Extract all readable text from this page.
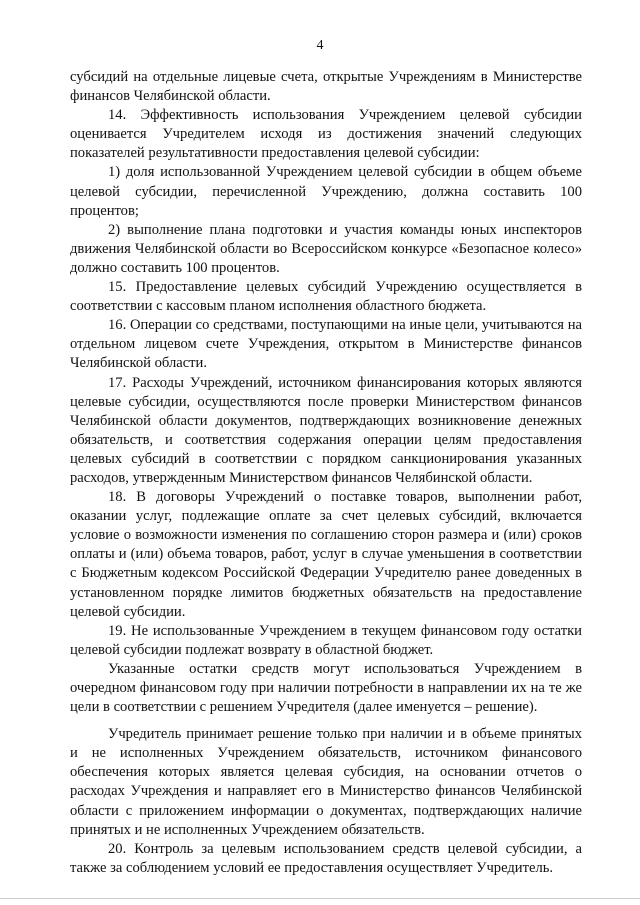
4

субсидий на отдельные лицевые счета, открытые Учреждениям в Министерстве финансов Челябинской области.

14. Эффективность использования Учреждением целевой субсидии оценивается Учредителем исходя из достижения значений следующих показателей результативности предоставления целевой субсидии:

1) доля использованной Учреждением целевой субсидии в общем объеме целевой субсидии, перечисленной Учреждению, должна составить 100 процентов;

2) выполнение плана подготовки и участия команды юных инспекторов движения Челябинской области во Всероссийском конкурсе «Безопасное колесо» должно составить 100 процентов.

15. Предоставление целевых субсидий Учреждению осуществляется в соответствии с кассовым планом исполнения областного бюджета.

16. Операции со средствами, поступающими на иные цели, учитываются на отдельном лицевом счете Учреждения, открытом в Министерстве финансов Челябинской области.

17. Расходы Учреждений, источником финансирования которых являются целевые субсидии, осуществляются после проверки Министерством финансов Челябинской области документов, подтверждающих возникновение денежных обязательств, и соответствия содержания операции целям предоставления целевых субсидий в соответствии с порядком санкционирования указанных расходов, утвержденным Министерством финансов Челябинской области.

18. В договоры Учреждений о поставке товаров, выполнении работ, оказании услуг, подлежащие оплате за счет целевых субсидий, включается условие о возможности изменения по соглашению сторон размера и (или) сроков оплаты и (или) объема товаров, работ, услуг в случае уменьшения в соответствии с Бюджетным кодексом Российской Федерации Учредителю ранее доведенных в установленном порядке лимитов бюджетных обязательств на предоставление целевой субсидии.

19. Не использованные Учреждением в текущем финансовом году остатки целевой субсидии подлежат возврату в областной бюджет.

Указанные остатки средств могут использоваться Учреждением в очередном финансовом году при наличии потребности в направлении их на те же цели в соответствии с решением Учредителя (далее именуется – решение).

Учредитель принимает решение только при наличии и в объеме принятых и не исполненных Учреждением обязательств, источником финансового обеспечения которых является целевая субсидия, на основании отчетов о расходах Учреждения и направляет его в Министерство финансов Челябинской области с приложением информации о документах, подтверждающих наличие принятых и не исполненных Учреждением обязательств.

20. Контроль за целевым использованием средств целевой субсидии, а также за соблюдением условий ее предоставления осуществляет Учредитель.
